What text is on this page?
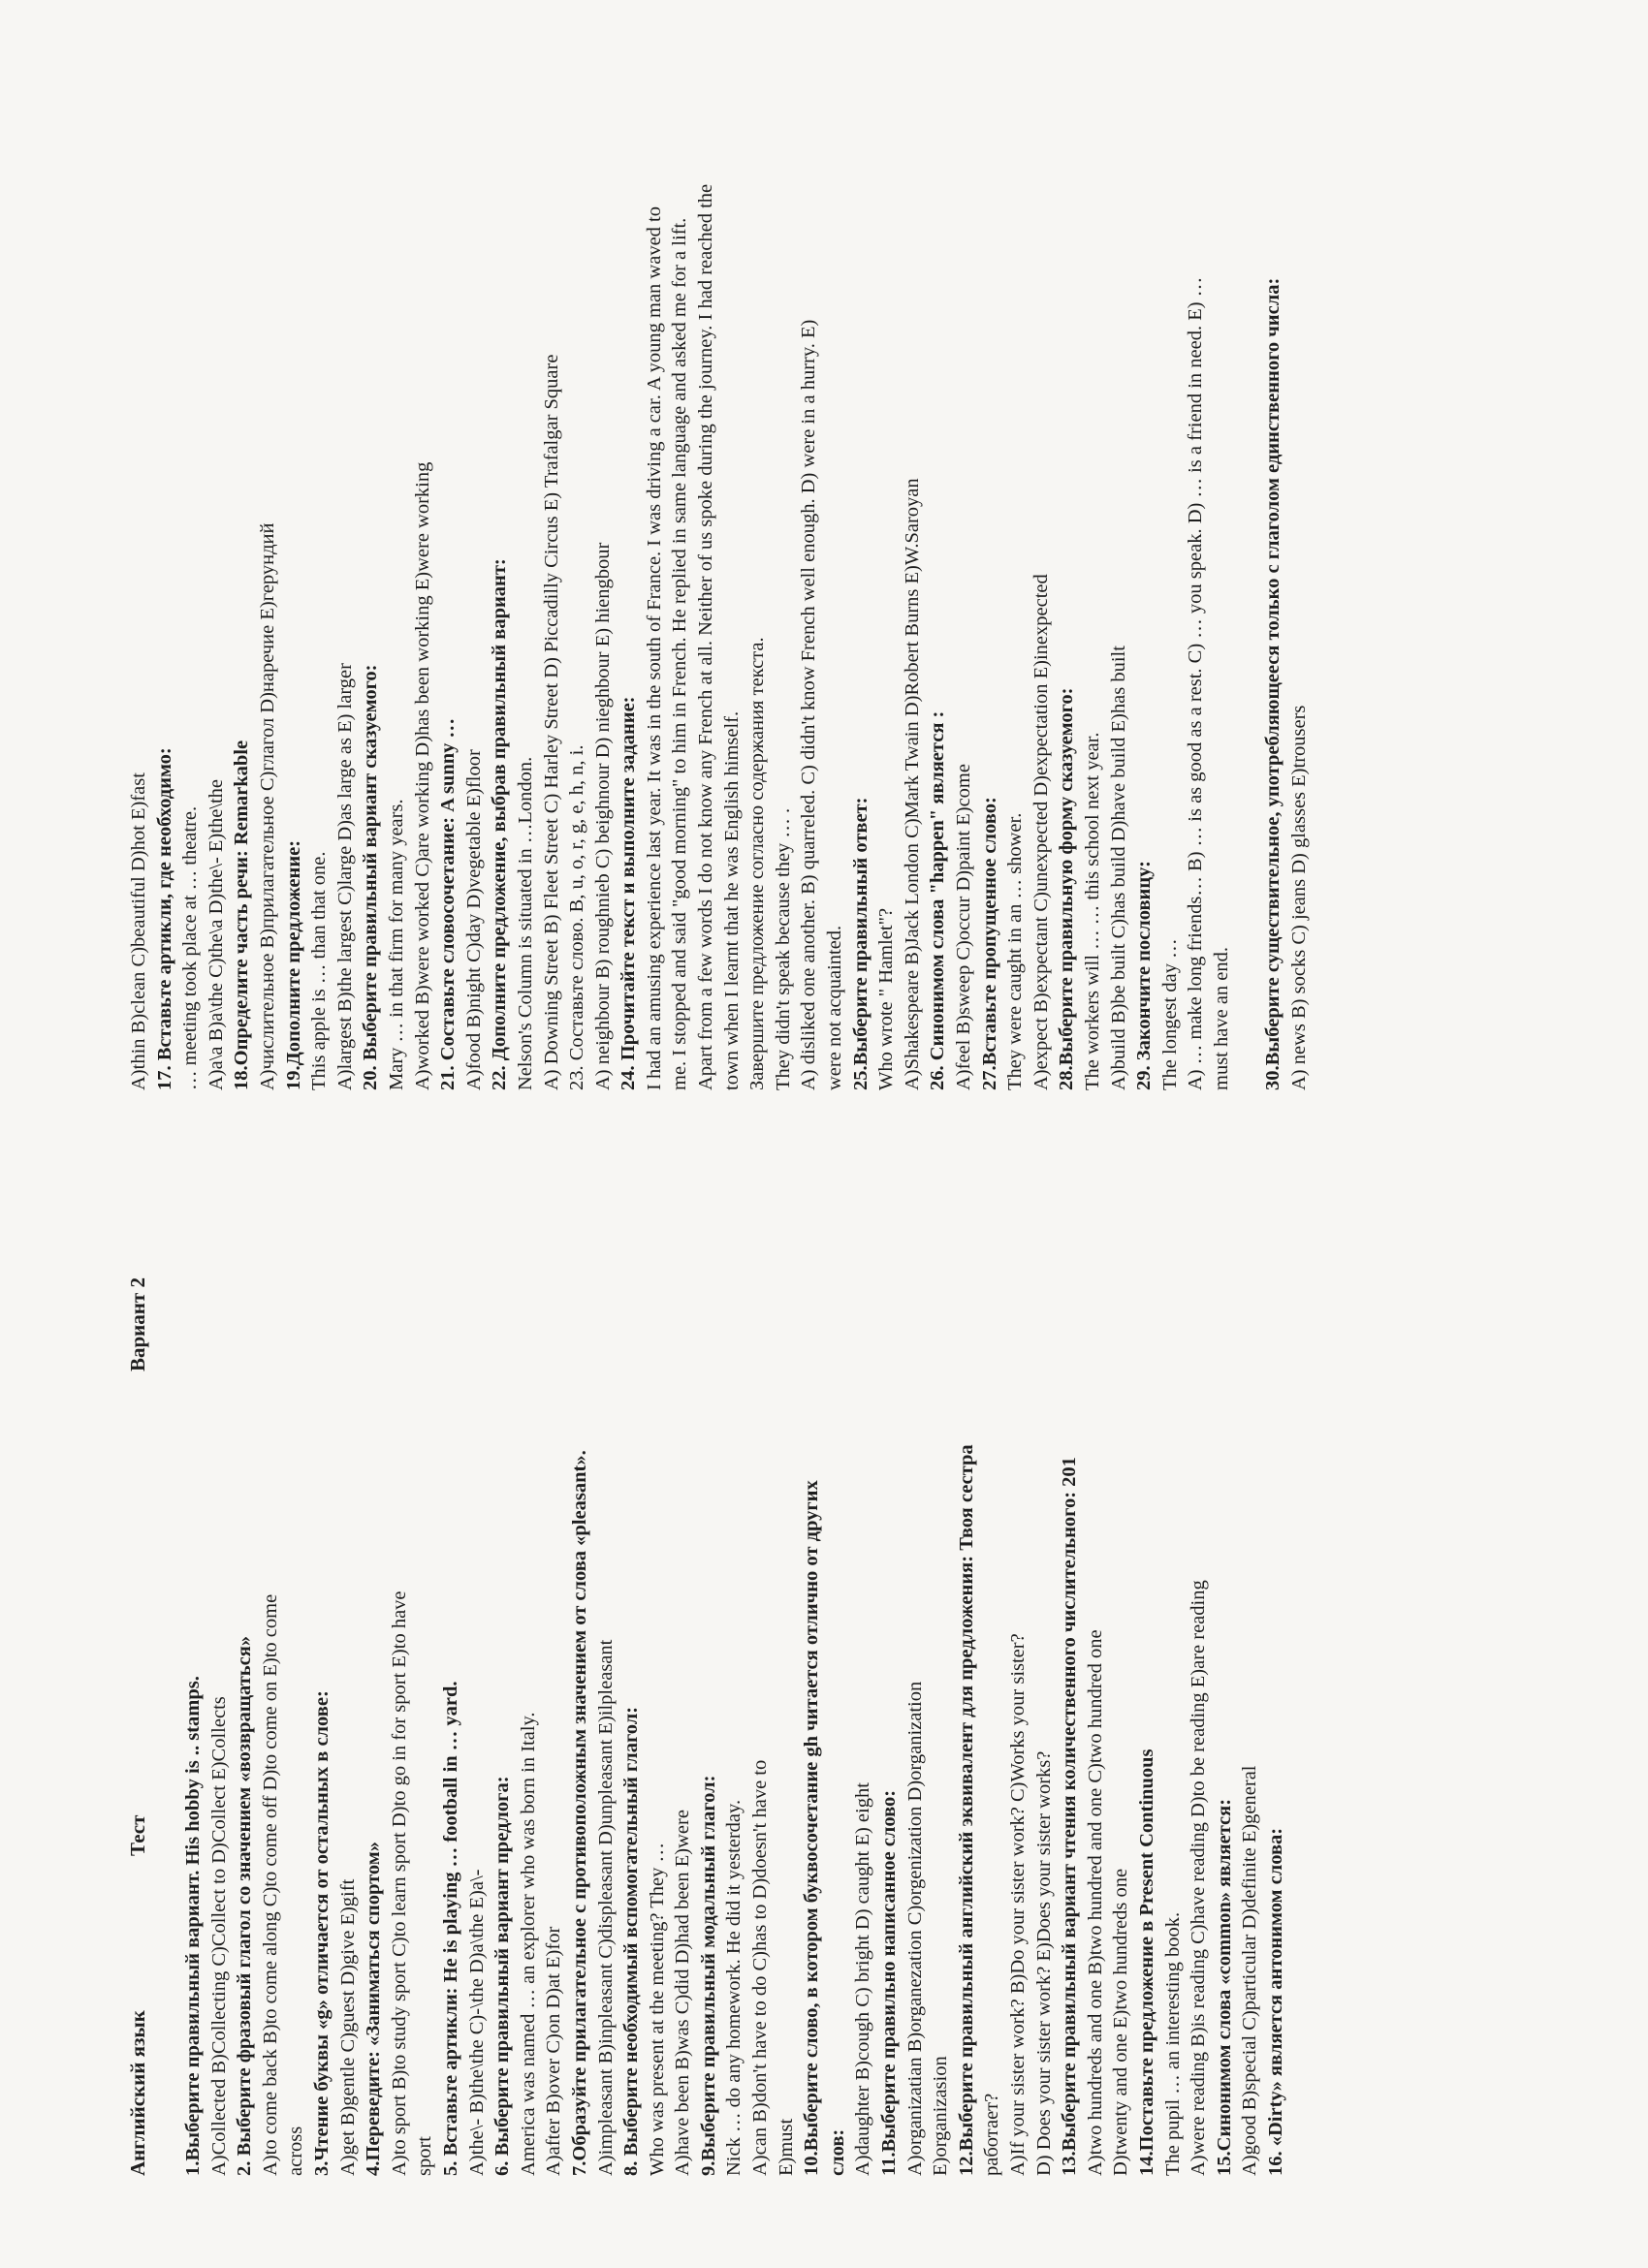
Английский язык
Тест
Вариант 2
1.Выберите правильный вариант. His hobby is .. stamps. A)Collected B)Collecting C)Collect to D)Collect E)Collects 2. Выберите фразовый глагол со значением «возвращаться» A)to come back B)to come along C)to come off D)to come on E)to come across 3.Чтение буквы «g» отличается от остальных в слове: A)get B)gentle C)guest D)give E)gift 4.Переведите: «Заниматься спортом» A)to sport B)to study sport C)to learn sport D)to go in for sport E)to have sport 5. Вставьте артикли: He is playing … football in … yard. A)the\- B)the\the C)-\the D)a\the E)a\- 6. Выберите правильный вариант предлога: America was named … an explorer who was born in Italy. A)after B)over C)on D)at E)for 7.Образуйте прилагательное с противоположным значением от слова «pleasant». A)impleasant B)inpleasant C)displeasant D)unpleasant E)ilpleasant 8. Выберите необходимый вспомогательный глагол: Who was present at the meeting? They … A)have been B)was C)did D)had been E)were 9.Выберите правильный модальный глагол: Nick … do any homework. He did it yesterday. A)can B)don't have to do C)has to D)doesn't have to E)must 10.Выберите слово, в котором буквосочетание gh читается отлично от других слов: A)daughter B)cough C) bright D) caught E) eight 11.Выберите правильно написанное слово: A)organizatian B)organezation C)orgenization D)organization E)organizasion 12.Выберите правильный английский эквивалент для предложения: Твоя сестра работает? A)If your sister work? B)Do your sister work? C)Works your sister? D) Does your sister work? E)Does your sister works? 13.Выберите правильный вариант чтения количественного числительного: 201 A)two hundreds and one B)two hundred and one C)two hundred one D)twenty and one E)two hundreds one 14.Поставьте предложение в Present Continuous The pupil … an interesting book. A)were reading B)is reading C)have reading D)to be reading E)are reading 15.Синонимом слова «common» является: A)good B)special C)particular D)definite E)general 16. «Dirty» является антонимом слова:
A)thin B)clean C)beautiful D)hot E)fast 17. Вставьте артикли, где необходимо: … meeting took place at … theatre. A)a\a B)a\the C)the\a D)the\- E)the\the 18.Определите часть речи: Remarkable A)числительное B)прилагательное C)глагол D)наречие E)герундий 19.Дополните предложение: This apple is … than that one. A)largest B)the largest C)large D)as large as E) larger 20. Выберите правильный вариант сказуемого: Mary … in that firm for many years. A)worked B)were worked C)are working D)has been working E)were working 21. Составьте словосочетание: A sunny … A)food B)night C)day D)vegetable E)floor 22. Дополните предложение, выбрав правильный вариант: Nelson's Column is situated in …London. A) Downing Street B) Fleet Street C) Harley Street D) Piccadilly Circus E) Trafalgar Square 23. Составьте слово. B, u, o, r, g, e, h, n, i. A) neighbour B) roughnieb C) beighnour D) nieghbour E) hiengbour 24. Прочитайте текст и выполните задание: I had an amusing experience last year. It was in the south of France. I was driving a car. A young man waved to me. I stopped and said "good morning" to him in French. He replied in same language and asked me for a lift. Apart from a few words I do not know any French at all. Neither of us spoke during the journey. I had reached the town when I learnt that he was English himself. Завершите предложение согласно содержания текста. They didn't speak because they … . A) disliked one another. B) quarreled. C) didn't know French well enough. D) were in a hurry. E) were not acquainted. 25.Выберите правильный ответ: Who wrote " Hamlet"? A)Shakespeare B)Jack London C)Mark Twain D)Robert Burns E)W.Saroyan 26. Синонимом слова "happen" является : A)feel B)sweep C)occur D)paint E)come 27.Вставьте пропущенное слово: They were caught in an … shower. A)expect B)expectant C)unexpected D)expectation E)inexpected 28.Выберите правильную форму сказуемого: The workers will … … this school next year. A)build B)be built C)has build D)have build E)has built 29. Закончите пословицу: The longest day … A) … make long friends… B) … is as good as a rest. C) … you speak. D) … is a friend in need. E) … must have an end. 30.Выберите существительное, употребляющееся только с глаголом единственного числа: A) news B) socks C) jeans D) glasses E)trousers
